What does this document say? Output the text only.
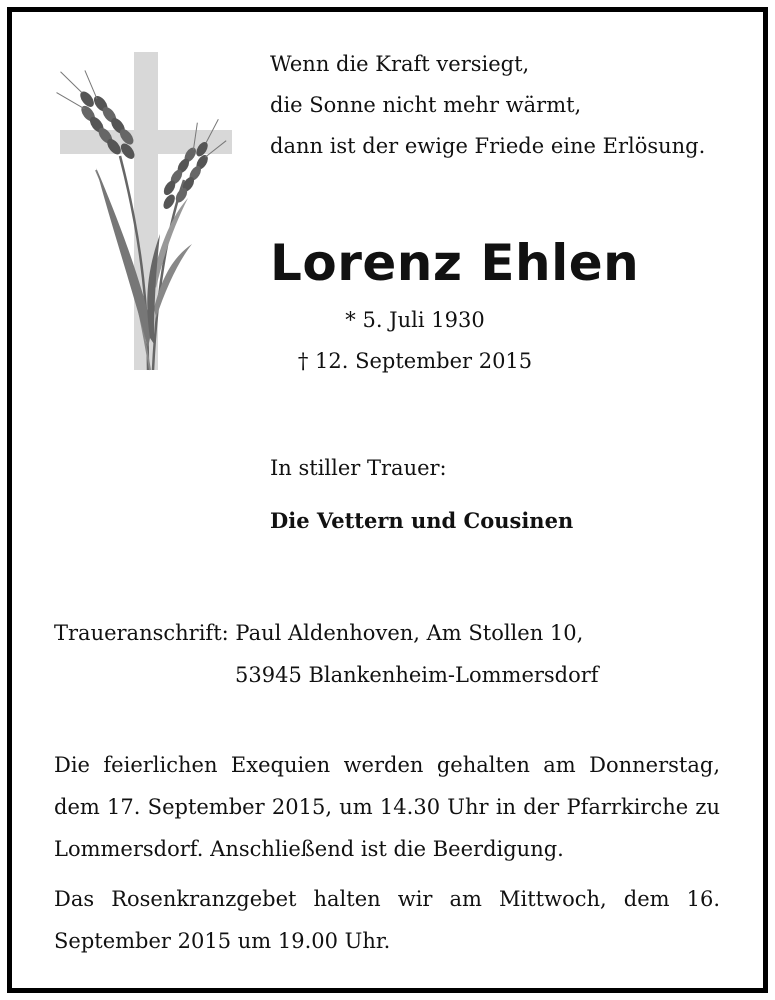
Wenn die Kraft versiegt,
die Sonne nicht mehr wärmt,
dann ist der ewige Friede eine Erlösung.
Lorenz Ehlen
* 5. Juli 1930
† 12. September 2015
In stiller Trauer:
Die Vettern und Cousinen
Traueranschrift: Paul Aldenhoven, Am Stollen 10,
53945 Blankenheim-Lommersdorf

Die feierlichen Exequien werden gehalten am Donnerstag, dem 17. September 2015, um 14.30 Uhr in der Pfarrkirche zu Lommersdorf. Anschließend ist die Beerdigung.

Das Rosenkranzgebet halten wir am Mittwoch, dem 16. September 2015 um 19.00 Uhr.
